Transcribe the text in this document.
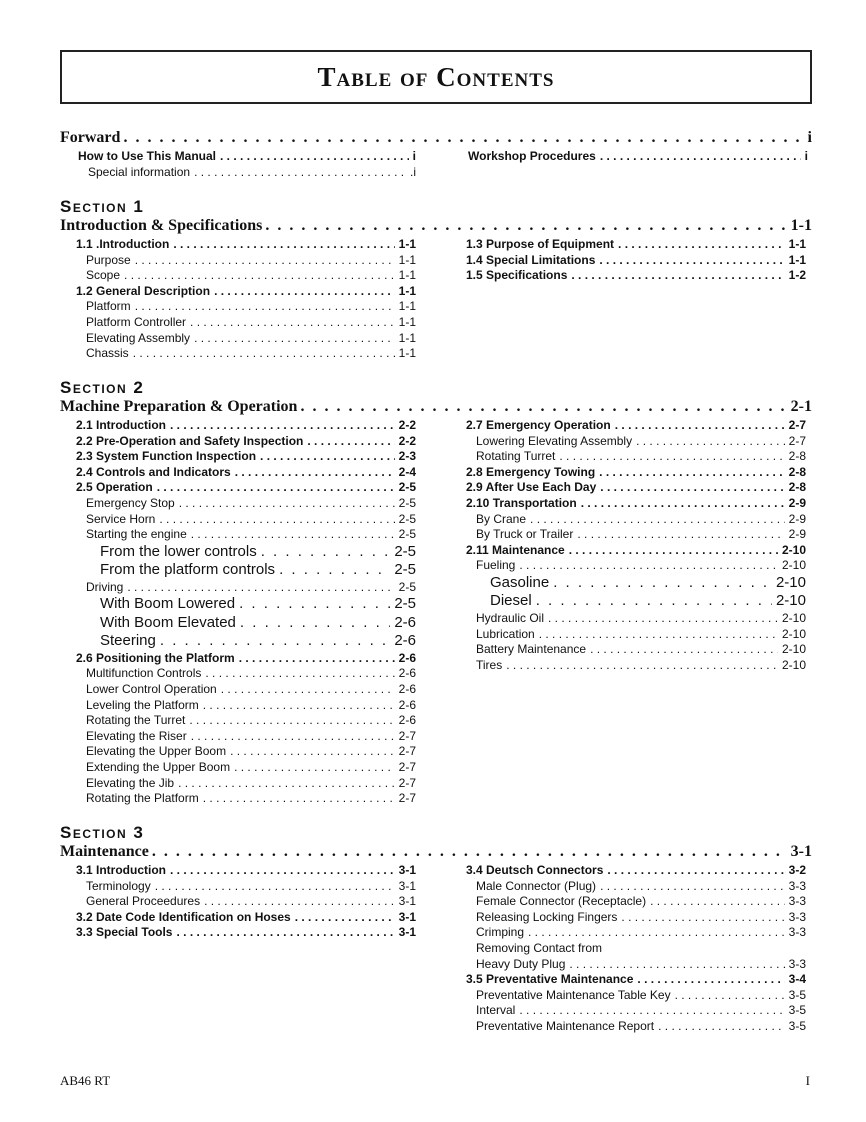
Table of Contents
Forward . . .	i
How to Use This Manual . . .	i
Special information . . .	.i
Workshop Procedures . . .	i
Section 1
Introduction & Specifications . . .	1-1
1.1 .Introduction . . .	1-1
Purpose . . .	1-1
Scope . . .	1-1
1.2 General Description . . .	1-1
Platform . . .	1-1
Platform Controller . . .	1-1
Elevating Assembly . . .	1-1
Chassis . . .	1-1
1.3 Purpose of Equipment . . .	1-1
1.4 Special Limitations . . .	1-1
1.5 Specifications . . .	1-2
Section 2
Machine Preparation & Operation . . .	2-1
2.1 Introduction . . .	2-2
2.2 Pre-Operation and Safety Inspection . . .	2-2
2.3 System Function Inspection . . .	2-3
2.4 Controls and Indicators . . .	2-4
2.5 Operation . . .	2-5
Emergency Stop . . .	2-5
Service Horn . . .	2-5
Starting the engine . . .	2-5
From the lower controls . . .	2-5
From the platform controls . . .	2-5
Driving . . .	2-5
With Boom Lowered . . .	2-5
With Boom Elevated . . .	2-6
Steering . . .	2-6
2.6 Positioning the Platform . . .	2-6
Multifunction Controls . . .	2-6
Lower Control Operation . . .	2-6
Leveling the Platform . . .	2-6
Rotating the Turret . . .	2-6
Elevating the Riser . . .	2-7
Elevating the Upper Boom . . .	2-7
Extending the Upper Boom . . .	2-7
Elevating the Jib . . .	2-7
Rotating the Platform . . .	2-7
2.7 Emergency Operation . . .	2-7
Lowering Elevating Assembly . . .	2-7
Rotating Turret . . .	2-8
2.8 Emergency Towing . . .	2-8
2.9 After Use Each Day . . .	2-8
2.10 Transportation . . .	2-9
By Crane . . .	2-9
By Truck or Trailer . . .	2-9
2.11 Maintenance . . .	2-10
Fueling . . .	2-10
Gasoline . . .	2-10
Diesel . . .	2-10
Hydraulic Oil . . .	2-10
Lubrication . . .	2-10
Battery Maintenance . . .	2-10
Tires . . .	2-10
Section 3
Maintenance . . .	3-1
3.1 Introduction . . .	3-1
Terminology . . .	3-1
General Proceedures . . .	3-1
3.2 Date Code Identification on Hoses . . .	3-1
3.3 Special Tools . . .	3-1
3.4 Deutsch Connectors . . .	3-2
Male Connector (Plug) . . .	3-3
Female Connector (Receptacle) . . .	3-3
Releasing Locking Fingers . . .	3-3
Crimping . . .	3-3
Removing Contact from
Heavy Duty Plug . . .	3-3
3.5 Preventative Maintenance . . .	3-4
Preventative Maintenance Table Key . . .	3-5
Interval . . .	3-5
Preventative Maintenance Report . . .	3-5
AB46 RT	I
